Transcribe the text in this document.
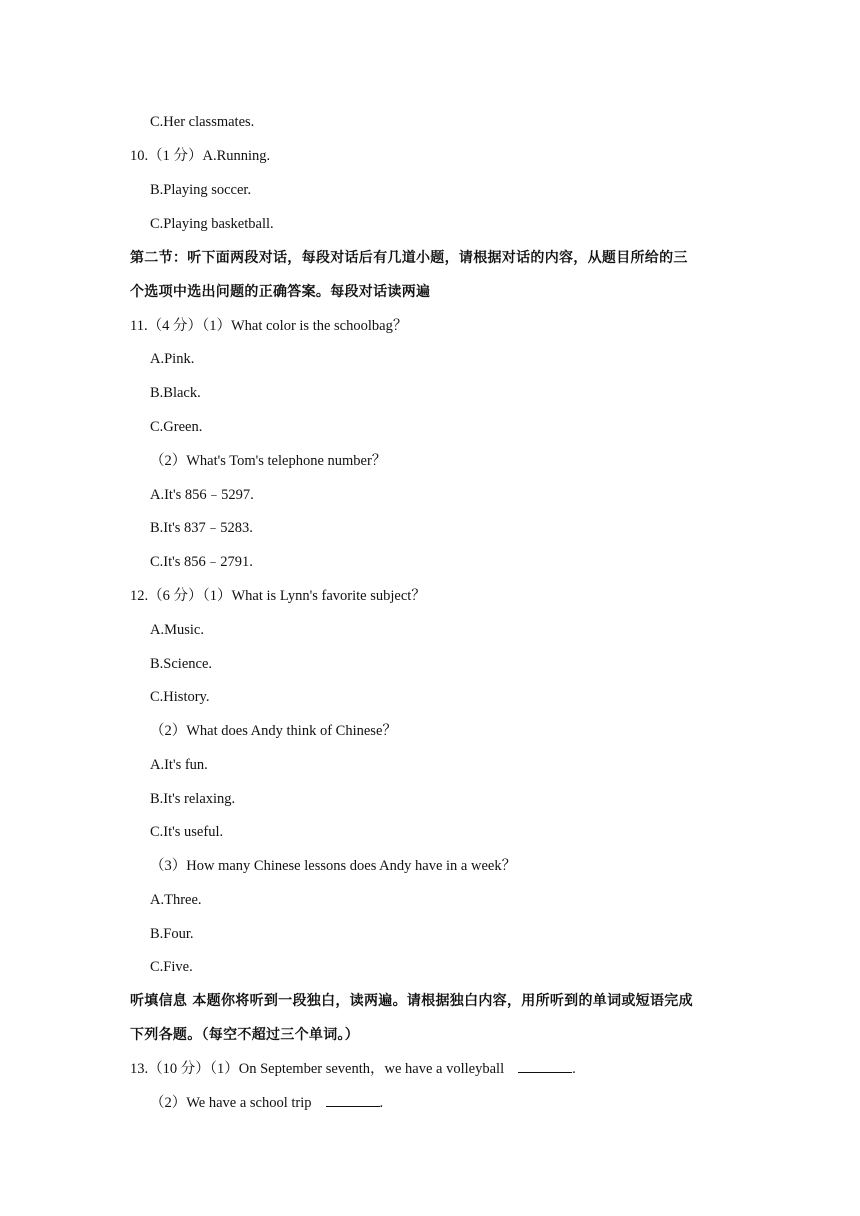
C.Her classmates.
10.（1 分）A.Running.
B.Playing soccer.
C.Playing basketball.
第二节：听下面两段对话，每段对话后有几道小题，请根据对话的内容，从题目所给的三
个选项中选出问题的正确答案。每段对话读两遍
11.（4 分）（1）What color is the schoolbag？
A.Pink.
B.Black.
C.Green.
（2）What's Tom's telephone number？
A.It's 856﹣5297.
B.It's 837﹣5283.
C.It's 856﹣2791.
12.（6 分）（1）What is Lynn's favorite subject？
A.Music.
B.Science.
C.History.
（2）What does Andy think of Chinese？
A.It's fun.
B.It's relaxing.
C.It's useful.
（3）How many Chinese lessons does Andy have in a week？
A.Three.
B.Four.
C.Five.
听填信息 本题你将听到一段独白，读两遍。请根据独白内容，用所听到的单词或短语完成
下列各题。（每空不超过三个单词。）
13.（10 分）（1）On September seventh，we have a volleyball	.
（2）We have a school trip	.
